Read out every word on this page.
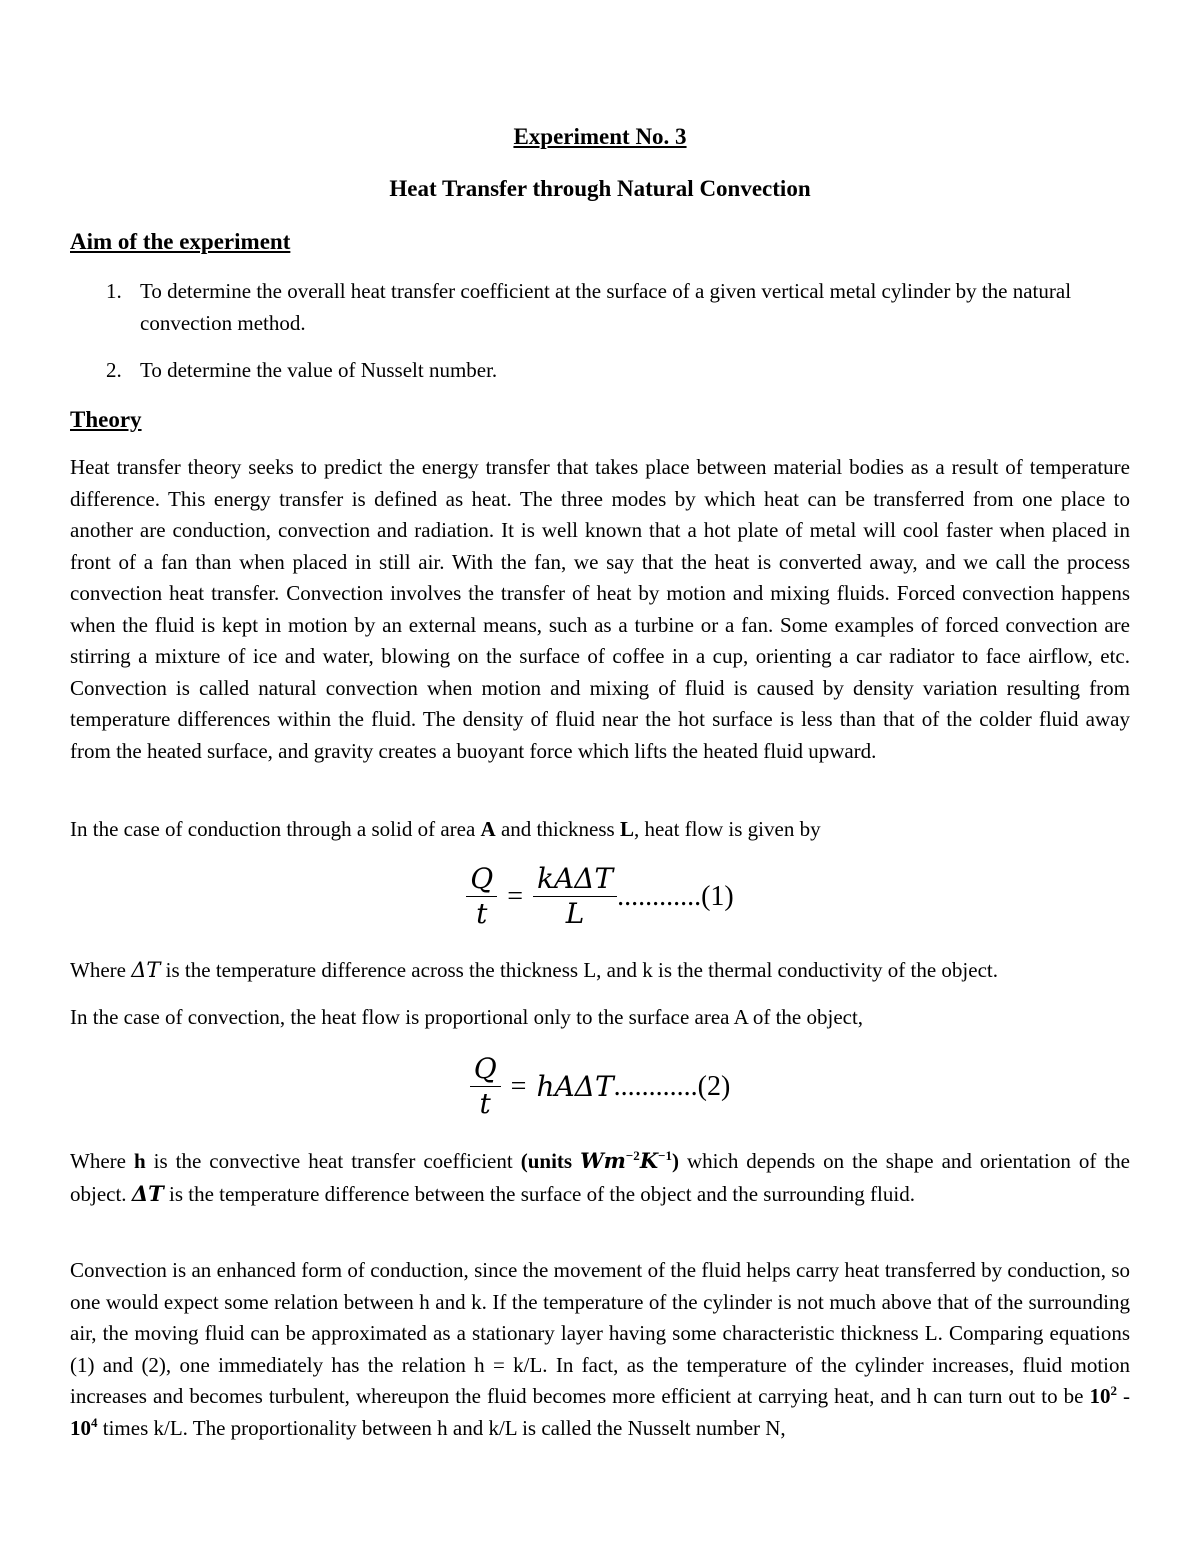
Experiment No. 3
Heat Transfer through Natural Convection
Aim of the experiment

1. To determine the overall heat transfer coefficient at the surface of a given vertical metal cylinder by the natural convection method.

2. To determine the value of Nusselt number.

Theory

Heat transfer theory seeks to predict the energy transfer that takes place between material bodies as a result of temperature difference. This energy transfer is defined as heat. The three modes by which heat can be transferred from one place to another are conduction, convection and radiation. It is well known that a hot plate of metal will cool faster when placed in front of a fan than when placed in still air. With the fan, we say that the heat is converted away, and we call the process convection heat transfer. Convection involves the transfer of heat by motion and mixing fluids. Forced convection happens when the fluid is kept in motion by an external means, such as a turbine or a fan. Some examples of forced convection are stirring a mixture of ice and water, blowing on the surface of coffee in a cup, orienting a car radiator to face airflow, etc. Convection is called natural convection when motion and mixing of fluid is caused by density variation resulting from temperature differences within the fluid. The density of fluid near the hot surface is less than that of the colder fluid away from the heated surface, and gravity creates a buoyant force which lifts the heated fluid upward.

In the case of conduction through a solid of area A and thickness L, heat flow is given by

$\frac{Q}{t} = \frac{\text{kAΔT}}{L} ............(1)$

Where ΔT is the temperature difference across the thickness L, and k is the thermal conductivity of the object.

In the case of convection, the heat flow is proportional only to the surface area A of the object,

$\frac{Q}{t} = hA\Delta T$ ............(2)

Where h is the convective heat transfer coefficient (units $Wm^{-2}K^{-1}$) which depends on the shape and orientation of the object. ΔT is the temperature difference between the surface of the object and the surrounding fluid.

Convection is an enhanced form of conduction, since the movement of the fluid helps carry heat transferred by conduction, so one would expect some relation between h and k. If the temperature of the cylinder is not much above that of the surrounding air, the moving fluid can be approximated as a stationary layer having some characteristic thickness L. Comparing equations (1) and (2), one immediately has the relation h = k/L. In fact, as the temperature of the cylinder increases, fluid motion increases and becomes turbulent, whereupon the fluid becomes more efficient at carrying heat, and h can turn out to be $10^2 - 10^4$ times k/L. The proportionality between h and k/L is called the Nusselt number N,
